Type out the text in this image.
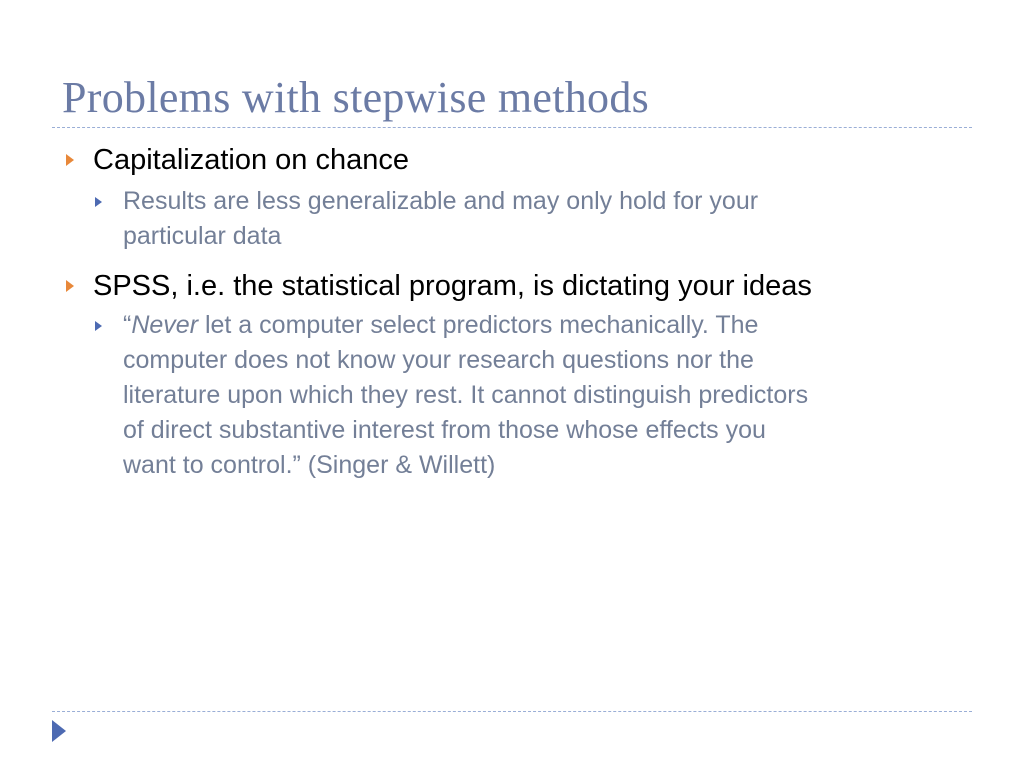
Problems with stepwise methods
Capitalization on chance
Results are less generalizable and may only hold for your
particular data
SPSS, i.e. the statistical program, is dictating your ideas
“Never let a computer select predictors mechanically. The
computer does not know your research questions nor the
literature upon which they rest. It cannot distinguish predictors
of direct substantive interest from those whose effects you
want to control.” (Singer & Willett)
